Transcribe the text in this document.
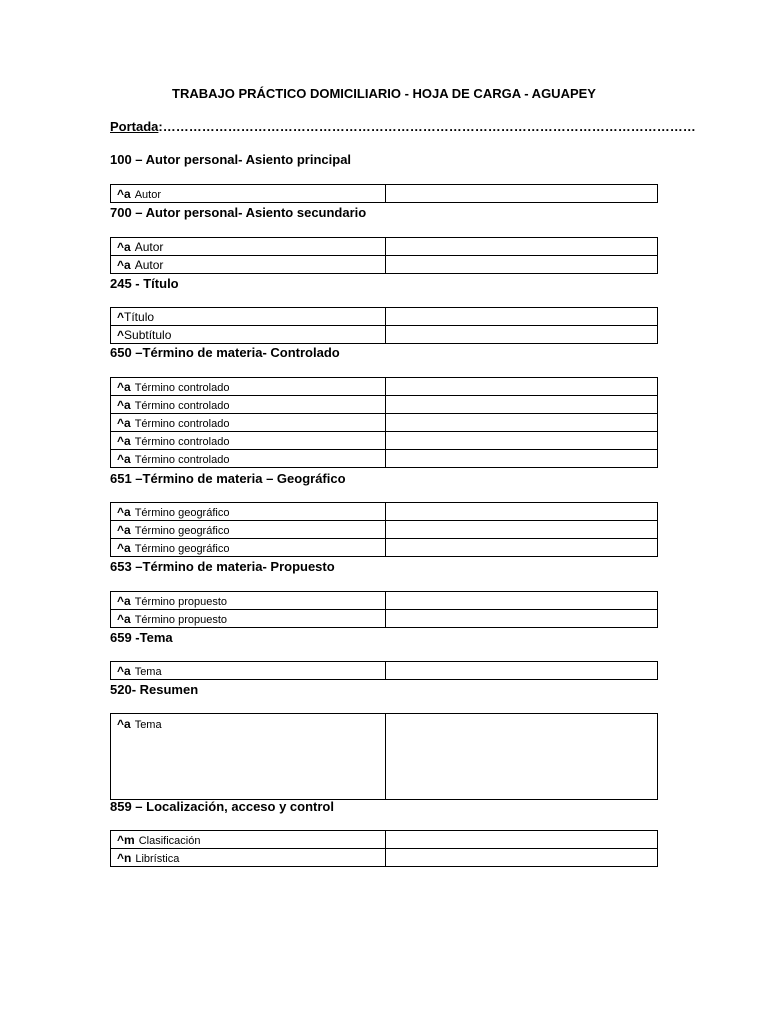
TRABAJO PRÁCTICO DOMICILIARIO - HOJA DE CARGA - AGUAPEY
Portada:……………………………………………………………………………………………………………
100 – Autor personal- Asiento principal
^a Autor	
700 – Autor personal- Asiento secundario
^a Autor	
^a Autor	
245 - Título
^Título	
^Subtítulo	
650 –Término de materia- Controlado
^a Término controlado	
^a Término controlado	
^a Término controlado	
^a Término controlado	
^a Término controlado	
651 –Término de materia – Geográfico
^a Término geográfico	
^a Término geográfico	
^a Término geográfico	
653 –Término de materia- Propuesto
^a Término propuesto	
^a Término propuesto	
659 -Tema
^a Tema	
520- Resumen
^a Tema	
859 – Localización, acceso y control
^m Clasificación	
^n Librística	
